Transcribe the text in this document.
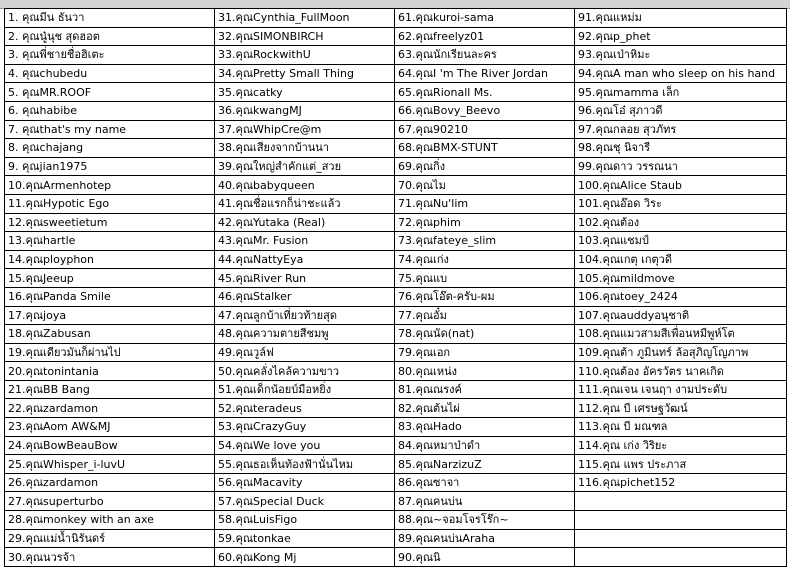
1. คุณมีน ธันวา	31.คุณCynthia_FullMoon	61.คุณkuroi-sama	91.คุณแหม่ม
2. คุณนู๋นุช สุดฮอต	32.คุณSIMONBIRCH	62.คุณfreelyz01	92.คุณp_phet
3. คุณพี่ชายชื่อฮิเตะ	33.คุณRockwithU	63.คุณนักเรียนละคร	93.คุณเป่าหิมะ
4. คุณchubedu	34.คุณPretty Small Thing	64.คุณI 'm The River Jordan	94.คุณA man who sleep on his hand
5. คุณMR.ROOF	35.คุณcatky	65.คุณRionall Ms.	95.คุณmamma เล็ก
6. คุณhabibe	36.คุณkwangMJ	66.คุณBovy_Beevo	96.คุณโอ๋ สุภาวดี
7. คุณthat's my name	37.คุณWhipCre@m	67.คุณ90210	97.คุณกลอย สุวภัทร
8. คุณchajang	38.คุณเสียงจากบ้านนา	68.คุณBMX-STUNT	98.คุณชุ นิจารี
9. คุณjian1975	39.คุณใหญ่สำคักแต่_สวย	69.คุณกิ่ง	99.คุณดาว วรรณนา
10.คุณArmenhotep	40.คุณbabyqueen	70.คุณไม	100.คุณAlice Staub
11.คุณHypotic Ego	41.คุณชื่อแรกก็น่าชะแล้ว	71.คุณNu'lim	101.คุณอ๊อด วิระ
12.คุณsweetietum	42.คุณYutaka (Real)	72.คุณphim	102.คุณต้อง
13.คุณhartle	43.คุณMr. Fusion	73.คุณfateye_slim	103.คุณแชมป์
14.คุณployphon	44.คุณNattyEya	74.คุณเก่ง	104.คุณเกตุ เกตุวดี
15.คุณJeeup	45.คุณRiver Run	75.คุณแบ	105.คุณmildmove
16.คุณPanda Smile	46.คุณStalker	76.คุณโอ๊ต-ครับ-ผม	106.คุณtoey_2424
17.คุณjoya	47.คุณลูกบ้าเที่ยวท้ายสุด	77.คุณอั๋ม	107.คุณauddyอนุชาติ
18.คุณZabusan	48.คุณความตายสีชมพู	78.คุณนัด(nat)	108.คุณแมวสามสีเพื่อนหมีพูห์โต
19.คุณเดียวมันก็ผ่านไป	49.คุณวูล์ฟ	79.คุณเอก	109.คุณต้า ภูมินทร์ ล้อสุภิญโญภาพ
20.คุณtonintania	50.คุณคลั่งไคล้ความขาว	80.คุณเหน่ง	110.คุณต้อง อัครวัตร นาคเกิด
21.คุณBB Bang	51.คุณเด็กน้อยบ์มือหยิ่ง	81.คุณณรงค์	111.คุณเจน เจนฤา งามประดับ
22.คุณzardamon	52.คุณteradeus	82.คุณต้นไผ่	112.คุณ บี เศรษฐวัฒน์
23.คุณAom AW&MJ	53.คุณCrazyGuy	83.คุณHado	113.คุณ บี มณฑล
24.คุณBowBeauBow	54.คุณWe love you	84.คุณหมาป่าดำ	114.คุณ เก่ง วิริยะ
25.คุณWhisper_i-luvU	55.คุณธอเห็นท้องฟ้านั่นไหม	85.คุณNarzizuZ	115.คุณ แพร ประภาส
26.คุณzardamon	56.คุณMacavity	86.คุณซาจา	116.คุณpichet152
27.คุณsuperturbo	57.คุณSpecial Duck	87.คุณคนบ่น	
28.คุณmonkey with an axe	58.คุณLuisFigo	88.คุณ~จอมโจรโร๊ก~	
29.คุณแม่น้ำนิรันดร์	59.คุณtonkae	89.คุณคนบ่นAraha	
30.คุณนวรจ้า	60.คุณKong Mj	90.คุณนิ	
